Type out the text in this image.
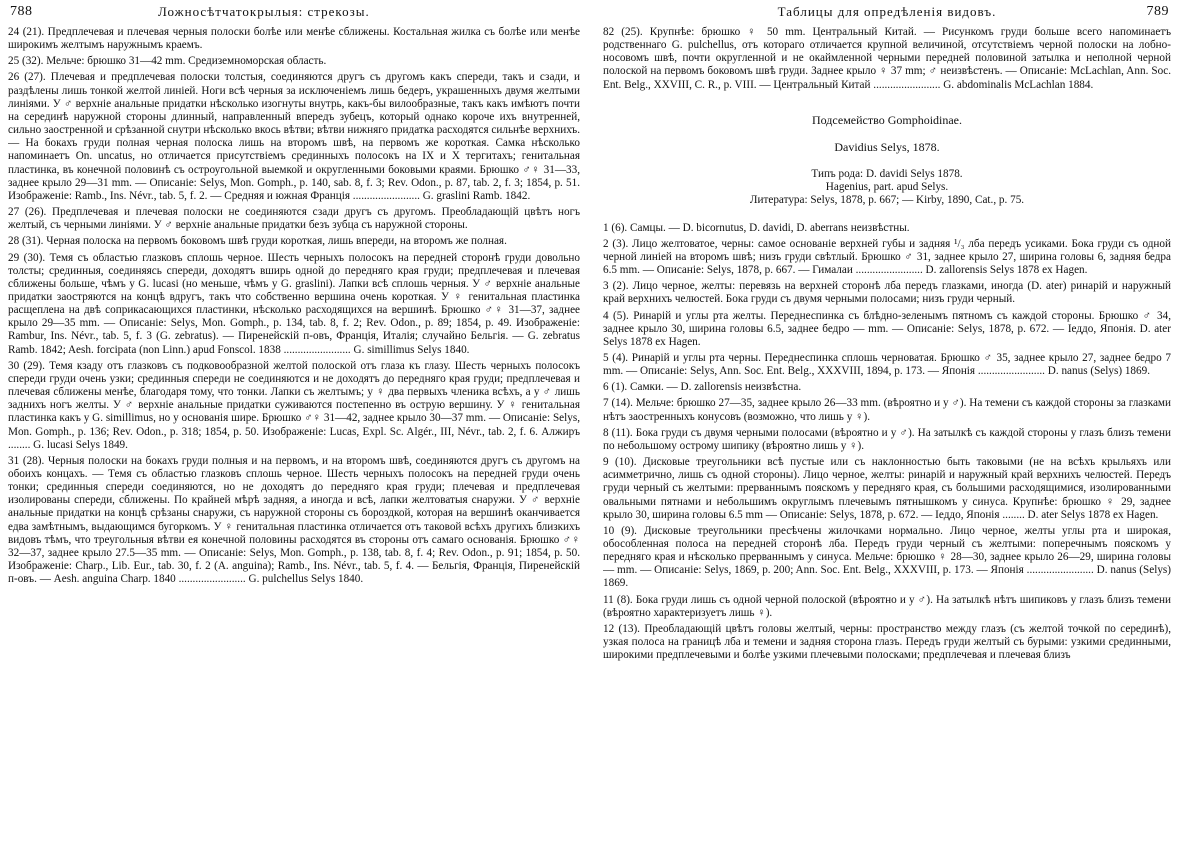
788	Ложносѣтчатокрылыя: стрекозы.

24 (21). Предплечевая и плечевая черныя полоски болѣе или менѣе сближены. Костальная жилка съ болѣе или менѣе широкимъ желтымъ наружнымъ краемъ.

25 (32). Мельче: брюшко 31—42 mm. Средиземноморская область.

26 (27). Плечевая и предплечевая полоски толстыя, соединяются другъ съ другомъ какъ спереди, такъ и сзади, и раздѣлены лишь тонкой желтой линіей. Ноги всѣ черныя за исключеніемъ лишь бедеръ, украшенныхъ двумя желтыми линіями. У ♂ верхніе анальные придатки нѣсколько изогнуты внутрь, какъ-бы вилообразные, такъ какъ имѣютъ почти на серединѣ наружной стороны длинный, направленный впередъ зубецъ, который однако короче ихъ внутренней, сильно заостренной и срѣзанной снутри нѣсколько вкось вѣтви; вѣтви нижняго придатка расходятся сильнѣе верхнихъ. — На бокахъ груди полная черная полоска лишь на второмъ швѣ, на первомъ же короткая. Самка нѣсколько напоминаетъ On. uncatus, но отличается присутствіемъ срединныхъ полосокъ на IX и X тергитахъ; генитальная пластинка, въ конечной половинѣ съ остроугольной выемкой и округленными боковыми краями. Брюшко ♂♀ 31—33, заднее крыло 29—31 mm. — Описаніе: Selys, Mon. Gomph., p. 140, sab. 8, f. 3; Rev. Odon., p. 87, tab. 2, f. 3; 1854, p. 51. Изображеніе: Ramb., Ins. Névr., tab. 5, f. 2. — Средняя и южная Франція ........................ G. graslini Ramb. 1842.

27 (26). Предплечевая и плечевая полоски не соединяются сзади другъ съ другомъ. Преобладающій цвѣтъ ногъ желтый, съ черными линіями. У ♂ верхніе анальные придатки безъ зубца съ наружной стороны.

28 (31). Черная полоска на первомъ боковомъ швѣ груди короткая, лишь впереди, на второмъ же полная.

29 (30). Темя съ областью глазковъ сплошь черное. Шесть черныхъ полосокъ на передней сторонѣ груди довольно толсты; срединныя, соединяясь спереди, доходятъ вширь одной до передняго края груди; предплечевая и плечевая сближены больше, чѣмъ у G. lucasi (но меньше, чѣмъ у G. graslini). Лапки всѣ сплошь черныя. У ♂ верхніе анальные придатки заостряются на концѣ вдругъ, такъ что собственно вершина очень короткая. У ♀ генитальная пластинка расщеплена на двѣ соприкасающихся пластинки, нѣсколько расходящихся на вершинѣ. Брюшко ♂♀ 31—37, заднее крыло 29—35 mm. — Описаніе: Selys, Mon. Gomph., p. 134, tab. 8, f. 2; Rev. Odon., p. 89; 1854, p. 49. Изображеніе: Rambur, Ins. Névr., tab. 5, f. 3 (G. zebratus). — Пиренейскій п-овъ, Франція, Италія; случайно Бельгія. — G. zebratus Ramb. 1842; Aesh. forcipata (non Linn.) apud Fonscol. 1838 ........................ G. simillimus Selys 1840.

30 (29). Темя кзаду отъ глазковъ съ подковообразной желтой полоской отъ глаза къ глазу. Шесть черныхъ полосокъ спереди груди очень узки; срединныя спереди не соединяются и не доходятъ до передняго края груди; предплечевая и плечевая сближены менѣе, благодаря тому, что тонки. Лапки съ желтымъ; у ♀ два первыхъ членика всѣхъ, а у ♂ лишь заднихъ ногъ желты. У ♂ верхніе анальные придатки суживаются постепенно въ острую вершину. У ♀ генитальная пластинка какъ у G. simillimus, но у основанія шире. Брюшко ♂♀ 31—42, заднее крыло 30—37 mm. — Описаніе: Selys, Mon. Gomph., p. 136; Rev. Odon., p. 318; 1854, p. 50. Изображеніе: Lucas, Expl. Sc. Algér., III, Névr., tab. 2, f. 6. Алжиръ ........ G. lucasi Selys 1849.

31 (28). Черныя полоски на бокахъ груди полныя и на первомъ, и на второмъ швѣ, соединяются другъ съ другомъ на обоихъ концахъ. — Темя съ областью глазковъ сплошь черное. Шесть черныхъ полосокъ на передней груди очень тонки; срединныя спереди соединяются, но не доходятъ до передняго края груди; плечевая и предплечевая изолированы спереди, сближены. По крайней мѣрѣ задняя, а иногда и всѣ, лапки желтоватыя снаружи. У ♂ верхніе анальные придатки на концѣ срѣзаны снаружи, съ наружной стороны съ бороздкой, которая на вершинѣ оканчивается едва замѣтнымъ, выдающимся бугоркомъ. У ♀ генитальная пластинка отличается отъ таковой всѣхъ другихъ близкихъ видовъ тѣмъ, что треугольныя вѣтви ея конечной половины расходятся въ стороны отъ самаго основанія. Брюшко ♂♀ 32—37, заднее крыло 27.5—35 mm. — Описаніе: Selys, Mon. Gomph., p. 138, tab. 8, f. 4; Rev. Odon., p. 91; 1854, p. 50. Изображеніе: Charp., Lib. Eur., tab. 30, f. 2 (A. anguina); Ramb., Ins. Névr., tab. 5, f. 4. — Бельгія, Франція, Пиренейскій п-овъ. — Aesh. anguina Charp. 1840 ........................ G. pulchellus Selys 1840.

Таблицы для опредѣленія видовъ.	789

82 (25). Крупнѣе: брюшко ♀ 50 mm. Центральный Китай. — Рисункомъ груди больше всего напоминаетъ родственнаго G. pulchellus, отъ котораго отличается крупной величиной, отсутствіемъ черной полоски на лобно-носовомъ швѣ, почти округленной и не окаймленной черными передней половиной затылка и неполной черной полоской на первомъ боковомъ швѣ груди. Заднее крыло ♀ 37 mm; ♂ неизвѣстенъ. — Описаніе: McLachlan, Ann. Soc. Ent. Belg., XXVIII, C. R., p. VIII. — Центральный Китай ........................ G. abdominalis McLachlan 1884.

Подсемейство Gomphoidinae.
Davidius Selys, 1878.

Типъ рода: D. davidi Selys 1878.

Hagenius, part. apud Selys.

Литература: Selys, 1878, p. 667; — Kirby, 1890, Cat., p. 75.

1 (6). Самцы. — D. bicornutus, D. davidi, D. aberrans неизвѣстны.

2 (3). Лицо желтоватое, черны: самое основаніе верхней губы и задняя ¹/₃ лба передъ усиками. Бока груди съ одной черной линіей на второмъ швѣ; низъ груди свѣтлый. Брюшко ♂ 31, заднее крыло 27, ширина головы 6, задняя бедра 6.5 mm. — Описаніе: Selys, 1878, p. 667. — Гималаи ........................ D. zallorensis Selys 1878 ex Hagen.

3 (2). Лицо черное, желты: перевязь на верхней сторонѣ лба передъ глазками, иногда (D. ater) ринарій и наружный край верхнихъ челюстей. Бока груди съ двумя черными полосами; низъ груди черный.

4 (5). Ринарій и углы рта желты. Переднеспинка съ блѣдно-зеленымъ пятномъ съ каждой стороны. Брюшко ♂ 34, заднее крыло 30, ширина головы 6.5, заднее бедро — mm. — Описаніе: Selys, 1878, p. 672. — Іеддо, Японія. D. ater Selys 1878 ex Hagen.

5 (4). Ринарій и углы рта черны. Переднеспинка сплошь черноватая. Брюшко ♂ 35, заднее крыло 27, заднее бедро 7 mm. — Описаніе: Selys, Ann. Soc. Ent. Belg., XXXVIII, 1894, p. 173. — Японія ........................ D. nanus (Selys) 1869.

6 (1). Самки. — D. zallorensis неизвѣстна.

7 (14). Мельче: брюшко 27—35, заднее крыло 26—33 mm. (вѣроятно и у ♂). На темени съ каждой стороны за глазками нѣтъ заостренныхъ конусовъ (возможно, что лишь у ♀).

8 (11). Бока груди съ двумя черными полосами (вѣроятно и у ♂). На затылкѣ съ каждой стороны у глазъ близъ темени по небольшому острому шипику (вѣроятно лишь у ♀).

9 (10). Дисковые треугольники всѣ пустые или съ наклонностью быть таковыми (не на всѣхъ крыльяхъ или асимметрично, лишь съ одной стороны). Лицо черное, желты: ринарій и наружный край верхнихъ челюстей. Передъ груди черный съ желтыми: прерваннымъ пояскомъ у передняго края, съ большими расходящимися, изолированными овальными пятнами и небольшимъ округлымъ плечевымъ пятнышкомъ у синуса. Крупнѣе: брюшко ♀ 29, заднее крыло 30, ширина головы 6.5 mm — Описаніе: Selys, 1878, p. 672. — Іеддо, Японія ........ D. ater Selys 1878 ex Hagen.

10 (9). Дисковые треугольники пресѣчены жилочками нормально. Лицо черное, желты углы рта и широкая, обособленная полоса на передней сторонѣ лба. Передъ груди черный съ желтыми: поперечнымъ пояскомъ у передняго края и нѣсколько прерваннымъ у синуса. Мельче: брюшко ♀ 28—30, заднее крыло 26—29, ширина головы — mm. — Описаніе: Selys, 1869, p. 200; Ann. Soc. Ent. Belg., XXXVIII, p. 173. — Японія ........................ D. nanus (Selys) 1869.

11 (8). Бока груди лишь съ одной черной полоской (вѣроятно и у ♂). На затылкѣ нѣтъ шипиковъ у глазъ близъ темени (вѣроятно характеризуетъ лишь ♀).

12 (13). Преобладающій цвѣтъ головы желтый, черны: пространство между глазъ (съ желтой точкой по серединѣ), узкая полоса на границѣ лба и темени и задняя сторона глазъ. Передъ груди желтый съ бурыми: узкими срединными, широкими предплечевыми и болѣе узкими плечевыми полосками; предплечевая и плечевая близъ
